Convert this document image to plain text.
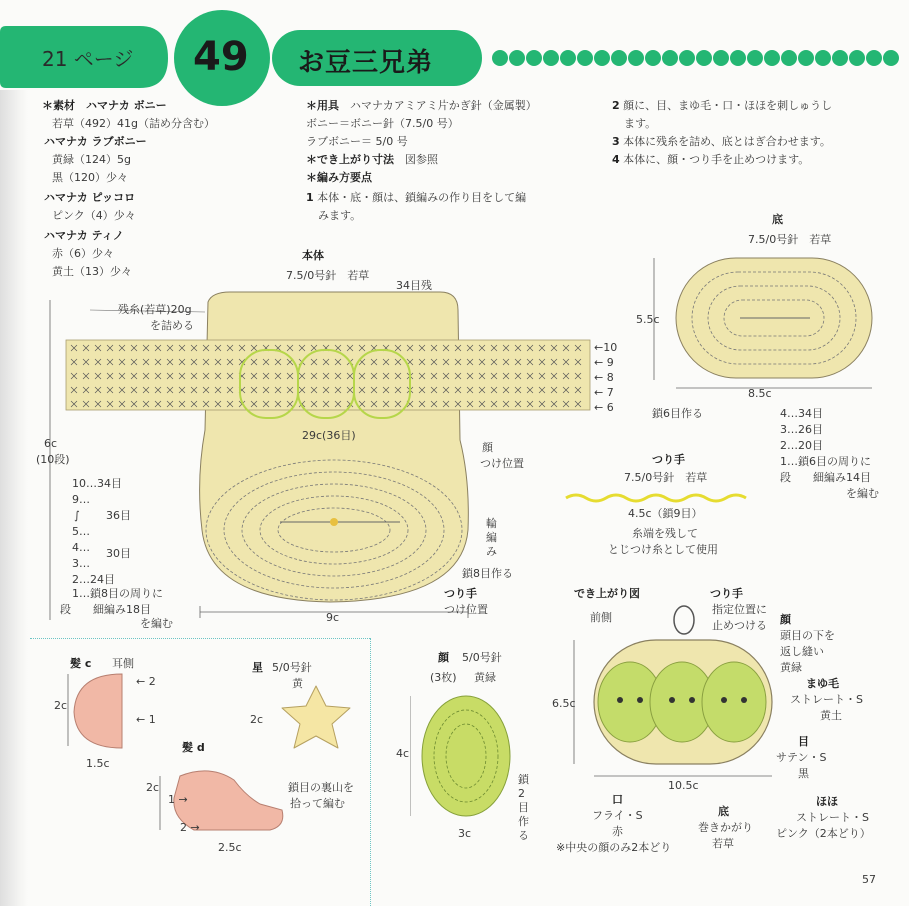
21 ページ 49 お豆三兄弟
＊素材　 ハマナカ ボニー
若草（492）41g（詰め分含む）
ハマナカ ラブボニー
黄緑（124）5g
黒（120）少々
ハマナカ ピッコロ
ピンク（4）少々
ハマナカ ティノ
赤（6）少々
黄土（13）少々
＊用具　 ハマナカアミアミ片かぎ針（金属製）
ボニー＝ボニー針（7.5/0 号）
ラブボニー＝ 5/0 号
＊でき上がり寸法　 図参照
＊編み方要点
1 本体・底・顔は、鎖編みの作り目をして編
みます。
2 顔に、目、まゆ毛・口・ほほを刺しゅうし
ます。
3 本体に残糸を詰め、底とはぎ合わせます。
4 本体に、顔・つり手を止めつけます。
本体
7.5/0号針　若草
34目残
残糸(若草)20g
を詰める
←10
← 9
← 8
← 7
← 6
29c(36目)
顔
つけ位置
輪
編
み
鎖8目作る
つり手
つけ位置
9c
6c
(10段)
10…34目
9…
∫ 36目
5…
4… 30目
3…
2…24目
1…鎖8目の周りに
段　　細編み18目
を編む
底
7.5/0号針　若草
5.5c
8.5c
鎖6目作る	4…34目
3…26目
2…20目
1…鎖6目の周りに
段　　細編み14目
を編む
つり手
7.5/0号針　若草
4.5c（鎖9目）
糸端を残して
とじつけ糸として使用
でき上がり図
前側
つり手
指定位置に
止めつける 顔
頭目の下を
返し縫い
黄緑
まゆ毛
ストレート・S
黄土
目
サテン・S
黒
ほほ
ストレート・S
ピンク（2本どり）
口
フライ・S
赤
※中央の顔のみ2本どり
底
巻きかがり
若草
6.5c
10.5c
髪 c 耳側
← 2
← 1
2c
1.5c
髪 d
2c
1 →
2 →
2.5c
鎖目の裏山を
拾って編む
星 5/0号針
黄
2c
顔 5/0号針
(3枚) 黄緑
4c
3c
鎖
2
目
作
る
57
